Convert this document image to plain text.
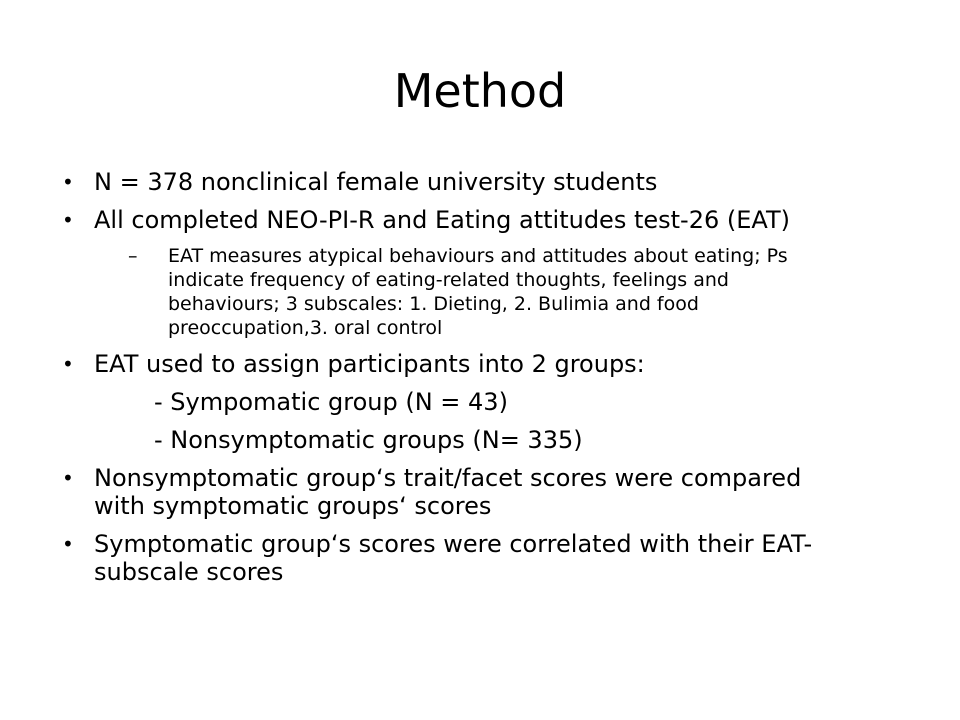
Method
• N = 378 nonclinical female university students
• All completed NEO-PI-R and Eating attitudes test-26 (EAT)
– EAT measures atypical behaviours and attitudes about eating; Ps indicate frequency of eating-related thoughts, feelings and behaviours; 3 subscales: 1. Dieting, 2. Bulimia and food preoccupation,3. oral control
• EAT used to assign participants into 2 groups:
- Sympomatic group (N = 43)
- Nonsymptomatic groups (N= 335)
• Nonsymptomatic group‘s trait/facet scores were compared with symptomatic groups‘ scores
• Symptomatic group‘s scores were correlated with their EAT-subscale scores
